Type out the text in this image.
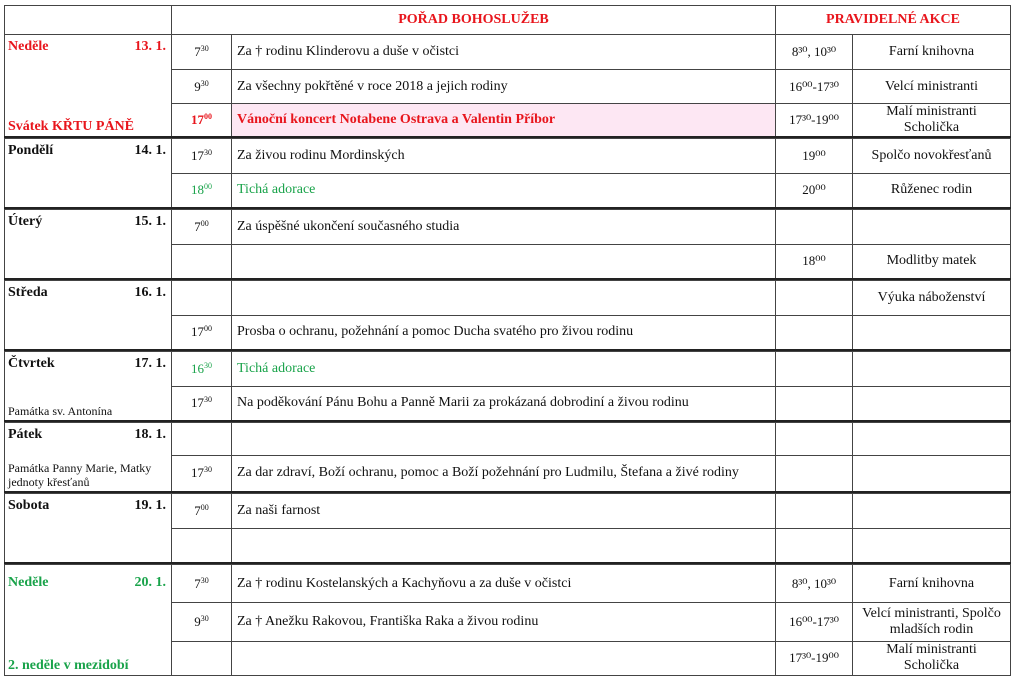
	POŘAD BOHOSLUŽEB		PRAVIDELNÉ AKCE	

Neděle 13. 1.
Svátek KŘTU PÁNĚ	$7^{30}$	Za † rodinu Klinderovu a duše v očistci	8³⁰, 10³⁰	Farní knihovna
	$9^{30}$	Za všechny pokřtěné v roce 2018 a jejich rodiny	16⁰⁰-17³⁰	Velcí ministranti
	$17^{00}$	Vánoční koncert Notabene Ostrava a Valentin Příbor	17³⁰-19⁰⁰	Malí ministranti Scholička

Pondělí 14. 1.	$17^{30}$	Za živou rodinu Mordinských	19⁰⁰	Spolčo novokřesťanů
	$18^{00}$	Tichá adorace	20⁰⁰	Růženec rodin

Úterý 15. 1.	$7^{00}$	Za úspěšné ukončení současného studia		
			18⁰⁰	Modlitby matek

Středa 16. 1.				Výuka náboženství
	$17^{00}$	Prosba o ochranu, požehnání a pomoc Ducha svatého pro živou rodinu		

Čtvrtek 17. 1.
Památka sv. Antonína	$16^{30}$	Tichá adorace		
	$17^{30}$	Na poděkování Pánu Bohu a Panně Marii za prokázaná dobrodiní a živou rodinu		

Pátek 18. 1.
Památka Panny Marie, Matky jednoty křesťanů				

	$17^{30}$	Za dar zdraví, Boží ochranu, pomoc a Boží požehnání pro Ludmilu, Štefana a živé rodiny		

Sobota 19. 1.	$7^{00}$	Za naši farnost		

Neděle 20. 1.
2. neděle v mezidobí	$7^{30}$	Za † rodinu Kostelanských a Kachyňovu a za duše v očistci	8³⁰, 10³⁰	Farní knihovna
	$9^{30}$	Za † Anežku Rakovou, Františka Raka a živou rodinu	16⁰⁰-17³⁰	Velcí ministranti, Spolčo mladších rodin
			17³⁰-19⁰⁰	Malí ministranti Scholička
